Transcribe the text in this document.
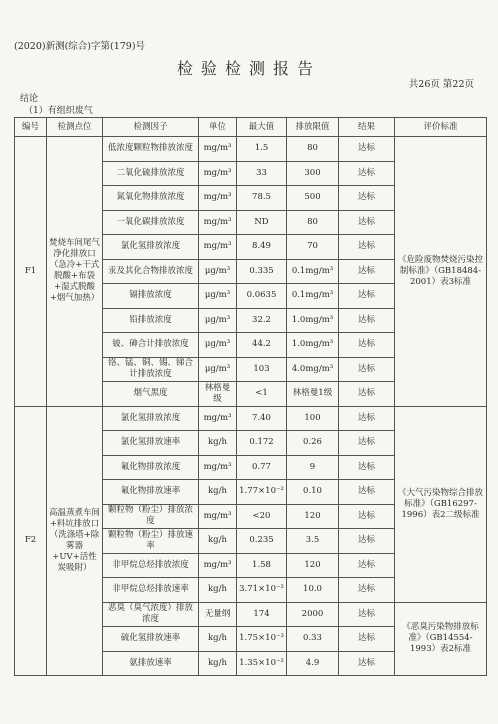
(2020)新测(综合)字第(179)号
检验检测报告
共26页 第22页
结论
（1）有组织废气
编号	检测点位	检测因子	单位	最大值	排放限值	结果	评价标准
F1	焚烧车间尾气净化排放口（急冷+干式脱酸+布袋+湿式脱酸+烟气加热）	低浓度颗粒物排放浓度	mg/m³	1.5	80	达标	《危险废物焚烧污染控制标准》（GB18484-2001）表3标准
		二氧化硫排放浓度	mg/m³	33	300	达标	
		氮氧化物排放浓度	mg/m³	78.5	500	达标	
		一氧化碳排放浓度	mg/m³	ND	80	达标	
		氯化氢排放浓度	mg/m³	8.49	70	达标	
		汞及其化合物排放浓度	μg/m³	0.335	0.1mg/m³	达标	
		镉排放浓度	μg/m³	0.0635	0.1mg/m³	达标	
		铅排放浓度	μg/m³	32.2	1.0mg/m³	达标	
		铍、砷合计排放浓度	μg/m³	44.2	1.0mg/m³	达标	
		铬、锰、铜、锡、锑合计排放浓度	μg/m³	103	4.0mg/m³	达标	
		烟气黑度	林格曼级	<1	林格曼1级	达标	
F2	高温蒸煮车间+料坑排放口（洗涤塔+除雾器+UV+活性炭吸附）	氯化氢排放浓度	mg/m³	7.40	100	达标	《大气污染物综合排放标准》（GB16297-1996）表2二级标准
		氯化氢排放速率	kg/h	0.172	0.26	达标	
		氟化物排放浓度	mg/m³	0.77	9	达标	
		氟化物排放速率	kg/h	1.77×10⁻²	0.10	达标	
		颗粒物（粉尘）排放浓度	mg/m³	<20	120	达标	
		颗粒物（粉尘）排放速率	kg/h	0.235	3.5	达标	
		非甲烷总烃排放浓度	mg/m³	1.58	120	达标	
		非甲烷总烃排放速率	kg/h	3.71×10⁻²	10.0	达标	
		恶臭（臭气浓度）排放浓度	无量纲	174	2000	达标	《恶臭污染物排放标准》（GB14554-1993）表2标准
		硫化氢排放速率	kg/h	1.75×10⁻³	0.33	达标	
		氨排放速率	kg/h	1.35×10⁻²	4.9	达标	
